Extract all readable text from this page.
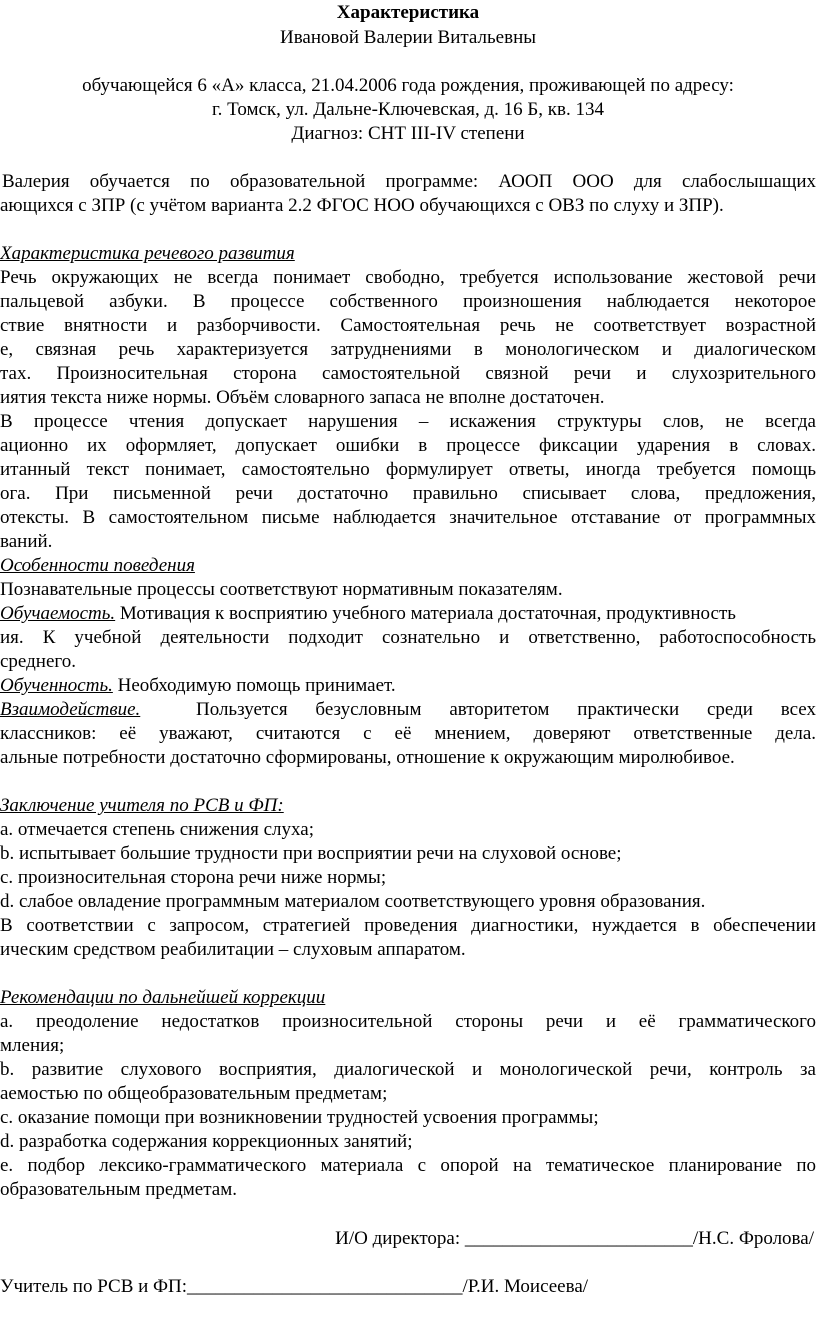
Характеристика
Ивановой Валерии Витальевны
обучающейся 6 «А» класса, 21.04.2006 года рождения, проживающей по адресу:
г. Томск, ул. Дальне-Ключевская, д. 16 Б, кв. 134
Диагноз: СНТ III-IV степени
Валерия обучается по образовательной программе: АООП ООО для слабослышащих
ающихся с ЗПР (с учётом варианта 2.2 ФГОС НОО обучающихся с ОВЗ по слуху и ЗПР).
Характеристика речевого развития
Речь окружающих не всегда понимает свободно, требуется использование жестовой речи
пальцевой азбуки. В процессе собственного произношения наблюдается некоторое
ствие внятности и разборчивости. Самостоятельная речь не соответствует возрастной
е, связная речь характеризуется затруднениями в монологическом и диалогическом
тах. Произносительная сторона самостоятельной связной речи и слухозрительного
иятия текста ниже нормы. Объём словарного запаса не вполне достаточен.
В процессе чтения допускает нарушения – искажения структуры слов, не всегда
ационно их оформляет, допускает ошибки в процессе фиксации ударения в словах.
итанный текст понимает, самостоятельно формулирует ответы, иногда требуется помощь
ога. При письменной речи достаточно правильно списывает слова, предложения,
отексты. В самостоятельном письме наблюдается значительное отставание от программных
ваний.
Особенности поведения
Познавательные процессы соответствуют нормативным показателям.
Обучаемость. Мотивация к восприятию учебного материала достаточная, продуктивность
ия. К учебной деятельности подходит сознательно и ответственно, работоспособность
среднего.
Обученность. Необходимую помощь принимает.
Взаимодействие.  Пользуется безусловным авторитетом практически среди всех
классников: её уважают, считаются с её мнением, доверяют ответственные дела.
альные потребности достаточно сформированы, отношение к окружающим миролюбивое.
Заключение учителя по РСВ и ФП:
a. отмечается степень снижения слуха;
b. испытывает большие трудности при восприятии речи на слуховой основе;
c. произносительная сторона речи ниже нормы;
d. слабое овладение программным материалом соответствующего уровня образования.
В соответствии с запросом, стратегией проведения диагностики, нуждается в обеспечении
ическим средством реабилитации – слуховым аппаратом.
Рекомендации по дальнейшей коррекции
a. преодоление недостатков произносительной стороны речи и её грамматического
мления;
b. развитие слухового восприятия, диалогической и монологической речи, контроль за
аемостью по общеобразовательным предметам;
c. оказание помощи при возникновении трудностей усвоения программы;
d. разработка содержания коррекционных занятий;
e. подбор лексико-грамматического материала с опорой на тематическое планирование по
образовательным предметам.
И/О директора: ________________________/Н.С. Фролова/
Учитель по РСВ и ФП:_____________________________/Р.И. Моисеева/
